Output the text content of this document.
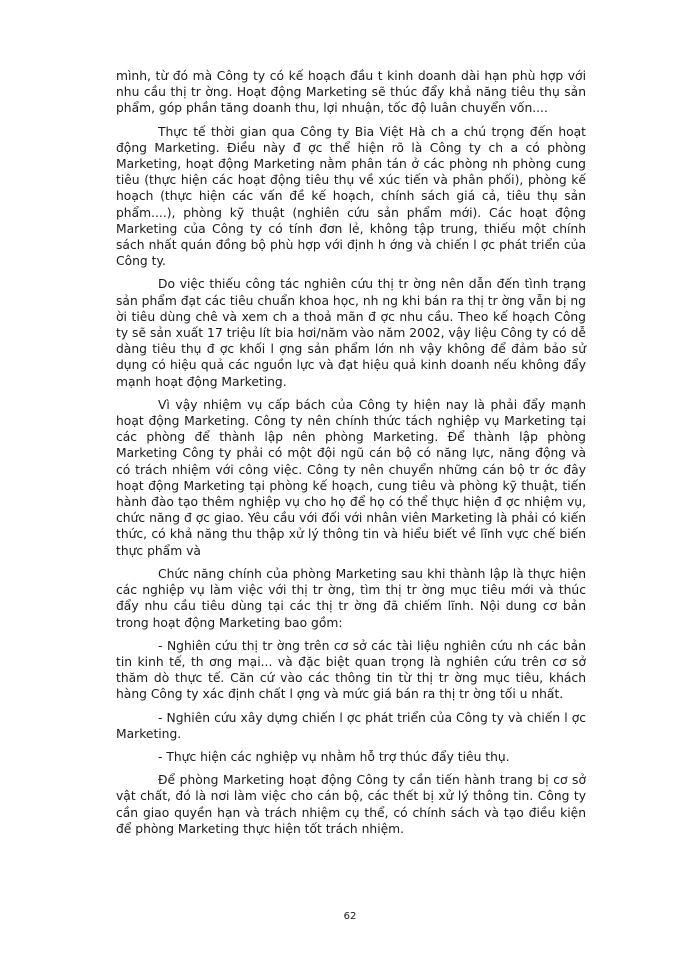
mình, từ đó mà Công ty có kế hoạch đầu t kinh doanh dài hạn phù hợp với nhu cầu thị tr ờng. Hoạt động Marketing sẽ thúc đẩy khả năng tiêu thụ sản phẩm, góp phần tăng doanh thu, lợi nhuận, tốc độ luân chuyển vốn....

Thực tế thời gian qua Công ty Bia Việt Hà ch a chú trọng đến hoạt động Marketing. Điều này đ ợc thể hiện rõ là Công ty ch a có phòng Marketing, hoạt động Marketing nằm phân tán ở các phòng nh phòng cung tiêu (thực hiện các hoạt động tiêu thụ về xúc tiến và phân phối), phòng kế hoạch (thực hiện các vấn đề kế hoạch, chính sách giá cả, tiêu thụ sản phẩm....), phòng kỹ thuật (nghiên cứu sản phẩm mới). Các hoạt động Marketing của Công ty có tính đơn lẻ, không tập trung, thiếu một chính sách nhất quán đồng bộ phù hợp với định h ớng và chiến l ợc phát triển của Công ty.

Do việc thiếu công tác nghiên cứu thị tr ờng nên dẫn đến tình trạng sản phẩm đạt các tiêu chuẩn khoa học, nh ng khi bán ra thị tr ờng vẫn bị ng ời tiêu dùng chê và xem ch a thoả mãn đ ợc nhu cầu. Theo kế hoạch Công ty sẽ sản xuất 17 triệu lít bia hơi/năm vào năm 2002, vậy liệu Công ty có dễ dàng tiêu thụ đ ợc khối l ợng sản phẩm lớn nh vậy không để đảm bảo sử dụng có hiệu quả các nguồn lực và đạt hiệu quả kinh doanh nếu không đẩy mạnh hoạt động Marketing.

Vì vậy nhiệm vụ cấp bách của Công ty hiện nay là phải đẩy mạnh hoạt động Marketing. Công ty nên chính thức tách nghiệp vụ Marketing tại các phòng để thành lập nên phòng Marketing. Để thành lập phòng Marketing Công ty phải có một đội ngũ cán bộ có năng lực, năng động và có trách nhiệm với công việc. Công ty nên chuyển những cán bộ tr ớc đây hoạt động Marketing tại phòng kế hoạch, cung tiêu và phòng kỹ thuật, tiến hành đào tạo thêm nghiệp vụ cho họ để họ có thể thực hiện đ ợc nhiệm vụ, chức năng đ ợc giao. Yêu cầu với đối với nhân viên Marketing là phải có kiến thức, có khả năng thu thập xử lý thông tin và hiểu biết về lĩnh vực chế biến thực phẩm và

Chức năng chính của phòng Marketing sau khi thành lập là thực hiện các nghiệp vụ làm việc với thị tr ờng, tìm thị tr ờng mục tiêu mới và thúc đẩy nhu cầu tiêu dùng tại các thị tr ờng đã chiếm lĩnh. Nội dung cơ bản trong hoạt động Marketing bao gồm:

- Nghiên cứu thị tr ờng trên cơ sở các tài liệu nghiên cứu nh các bản tin kinh tế, th ơng mại... và đặc biệt quan trọng là nghiên cứu trên cơ sở thăm dò thực tế. Căn cứ vào các thông tin từ thị tr ờng mục tiêu, khách hàng Công ty xác định chất l ợng và mức giá bán ra thị tr ờng tối u nhất.

- Nghiên cứu xây dựng chiến l ợc phát triển của Công ty và chiến l ợc Marketing.

- Thực hiện các nghiệp vụ nhằm hỗ trợ thúc đẩy tiêu thụ.

Để phòng Marketing hoạt động Công ty cần tiến hành trang bị cơ sở vật chất, đó là nơi làm việc cho cán bộ, các thết bị xử lý thông tin. Công ty cần giao quyền hạn và trách nhiệm cụ thể, có chính sách và tạo điều kiện để phòng Marketing thực hiện tốt trách nhiệm.

62
